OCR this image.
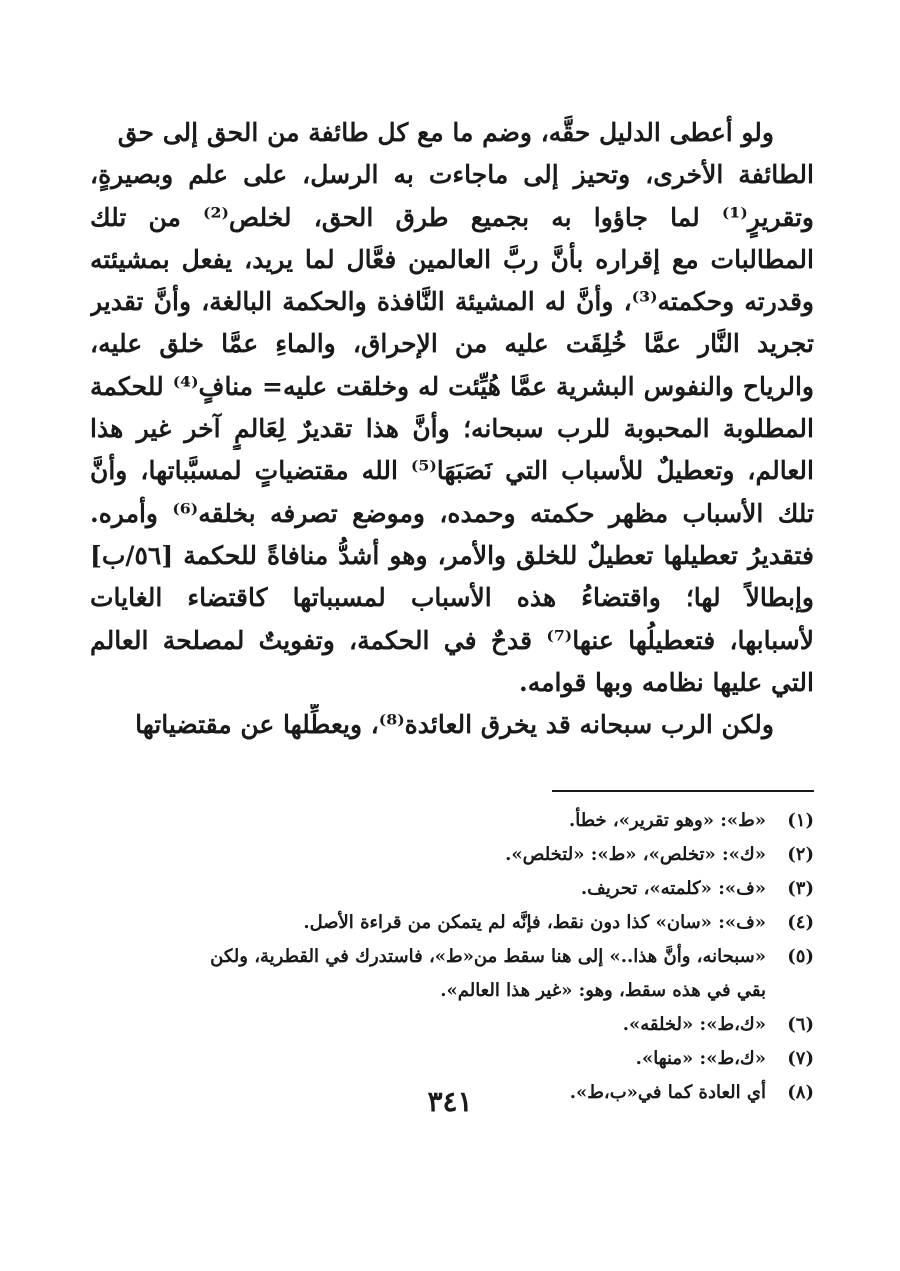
ولو أعطى الدليل حقَّه، وضم ما مع كل طائفة من الحق إلى حق
الطائفة الأخرى، وتحيز إلى ماجاءت به الرسل، على علم وبصيرةٍ،
وتقريرٍ⁽¹⁾ لما جاؤوا به بجميع طرق الحق، لخلص⁽²⁾ من تلك
المطالبات مع إقراره بأنَّ ربَّ العالمين فعَّال لما يريد، يفعل بمشيئته
وقدرته وحكمته⁽³⁾، وأنَّ له المشيئة النَّافذة والحكمة البالغة، وأنَّ تقدير
تجريد النَّار عمَّا خُلِقَت عليه من الإحراق، والماءِ عمَّا خلق عليه،
والرياح والنفوس البشرية عمَّا هُيِّئت له وخلقت عليه= منافٍ⁽⁴⁾ للحكمة
المطلوبة المحبوبة للرب سبحانه؛ وأنَّ هذا تقديرٌ لِعَالمٍ آخر غير هذا
العالم، وتعطيلٌ للأسباب التي نَصَبَهَا⁽⁵⁾ الله مقتضياتٍ لمسبَّباتها، وأنَّ
تلك الأسباب مظهر حكمته وحمده، وموضع تصرفه بخلقه⁽⁶⁾ وأمره.
فتقديرُ تعطيلها تعطيلٌ للخلق والأمر، وهو أشدُّ منافاةً للحكمة [٥٦/ب]
وإبطالاً لها؛ واقتضاءُ هذه الأسباب لمسبباتها كاقتضاء الغايات
لأسبابها، فتعطيلُها عنها⁽⁷⁾ قدحٌ في الحكمة، وتفويتٌ لمصلحة العالم
التي عليها نظامه وبها قوامه.
ولكن الرب سبحانه قد يخرق العائدة⁽⁸⁾، ويعطِّلها عن مقتضياتها
(١)
«ط»: «وهو تقرير»، خطأ.
(٢)
«ك»: «تخلص»، «ط»: «لتخلص».
(٣)
«ف»: «كلمته»، تحريف.
(٤)
«ف»: «سان» كذا دون نقط، فإنَّه لم يتمكن من قراءة الأصل.
(٥)
«سبحانه، وأنَّ هذا..» إلى هنا سقط من«ط»، فاستدرك في القطرية، ولكن
بقي في هذه سقط، وهو: «غير هذا العالم».
(٦)
«ك،ط»: «لخلقه».
(٧)
«ك،ط»: «منها».
(٨)
أي العادة كما في«ب،ط».
٣٤١
